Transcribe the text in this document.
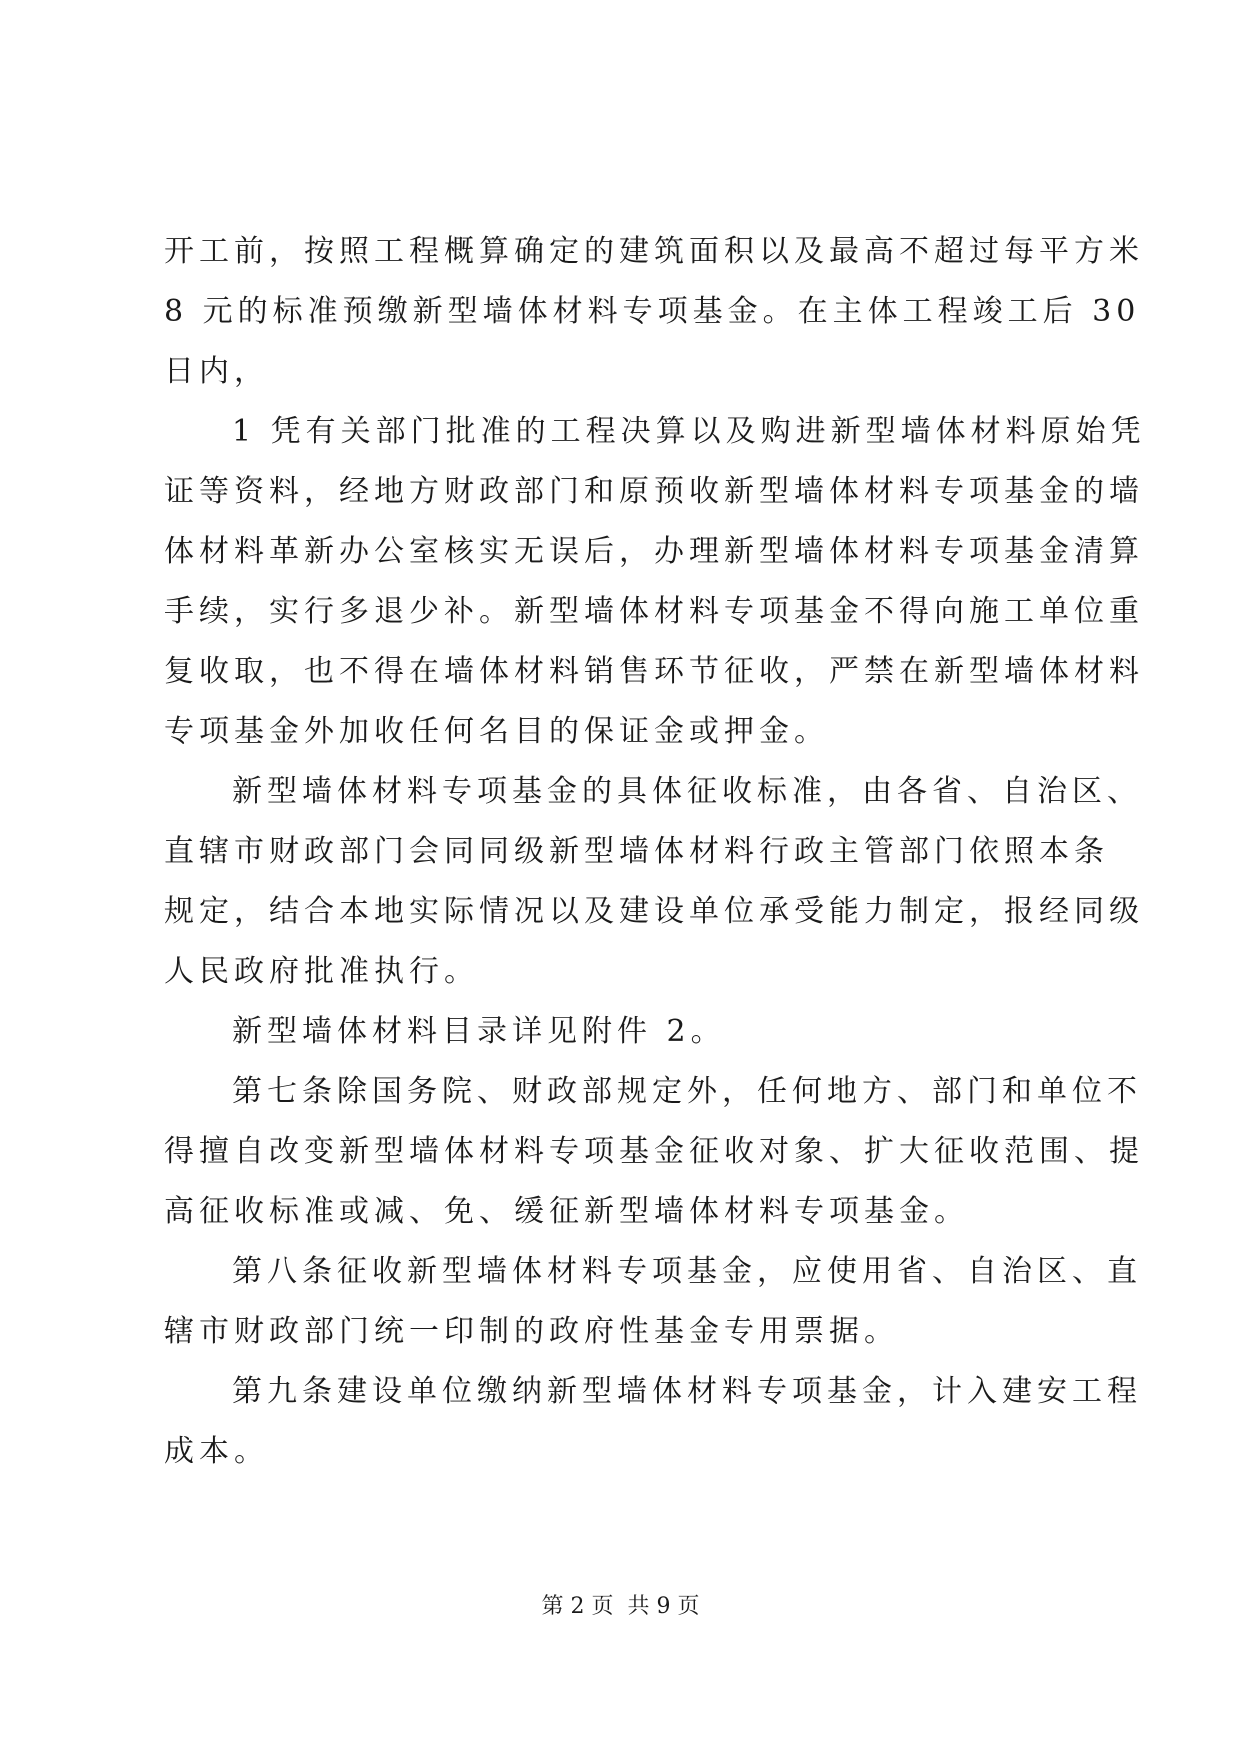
开工前，按照工程概算确定的建筑面积以及最高不超过每平方米
8 元的标准预缴新型墙体材料专项基金。在主体工程竣工后 30
日内，
1 凭有关部门批准的工程决算以及购进新型墙体材料原始凭
证等资料，经地方财政部门和原预收新型墙体材料专项基金的墙
体材料革新办公室核实无误后，办理新型墙体材料专项基金清算
手续，实行多退少补。新型墙体材料专项基金不得向施工单位重
复收取，也不得在墙体材料销售环节征收，严禁在新型墙体材料
专项基金外加收任何名目的保证金或押金。
新型墙体材料专项基金的具体征收标准，由各省、自治区、
直辖市财政部门会同同级新型墙体材料行政主管部门依照本条
规定，结合本地实际情况以及建设单位承受能力制定，报经同级
人民政府批准执行。
新型墙体材料目录详见附件 2。
第七条除国务院、财政部规定外，任何地方、部门和单位不
得擅自改变新型墙体材料专项基金征收对象、扩大征收范围、提
高征收标准或减、免、缓征新型墙体材料专项基金。
第八条征收新型墙体材料专项基金，应使用省、自治区、直
辖市财政部门统一印制的政府性基金专用票据。
第九条建设单位缴纳新型墙体材料专项基金，计入建安工程
成本。
第 2 页  共 9 页
